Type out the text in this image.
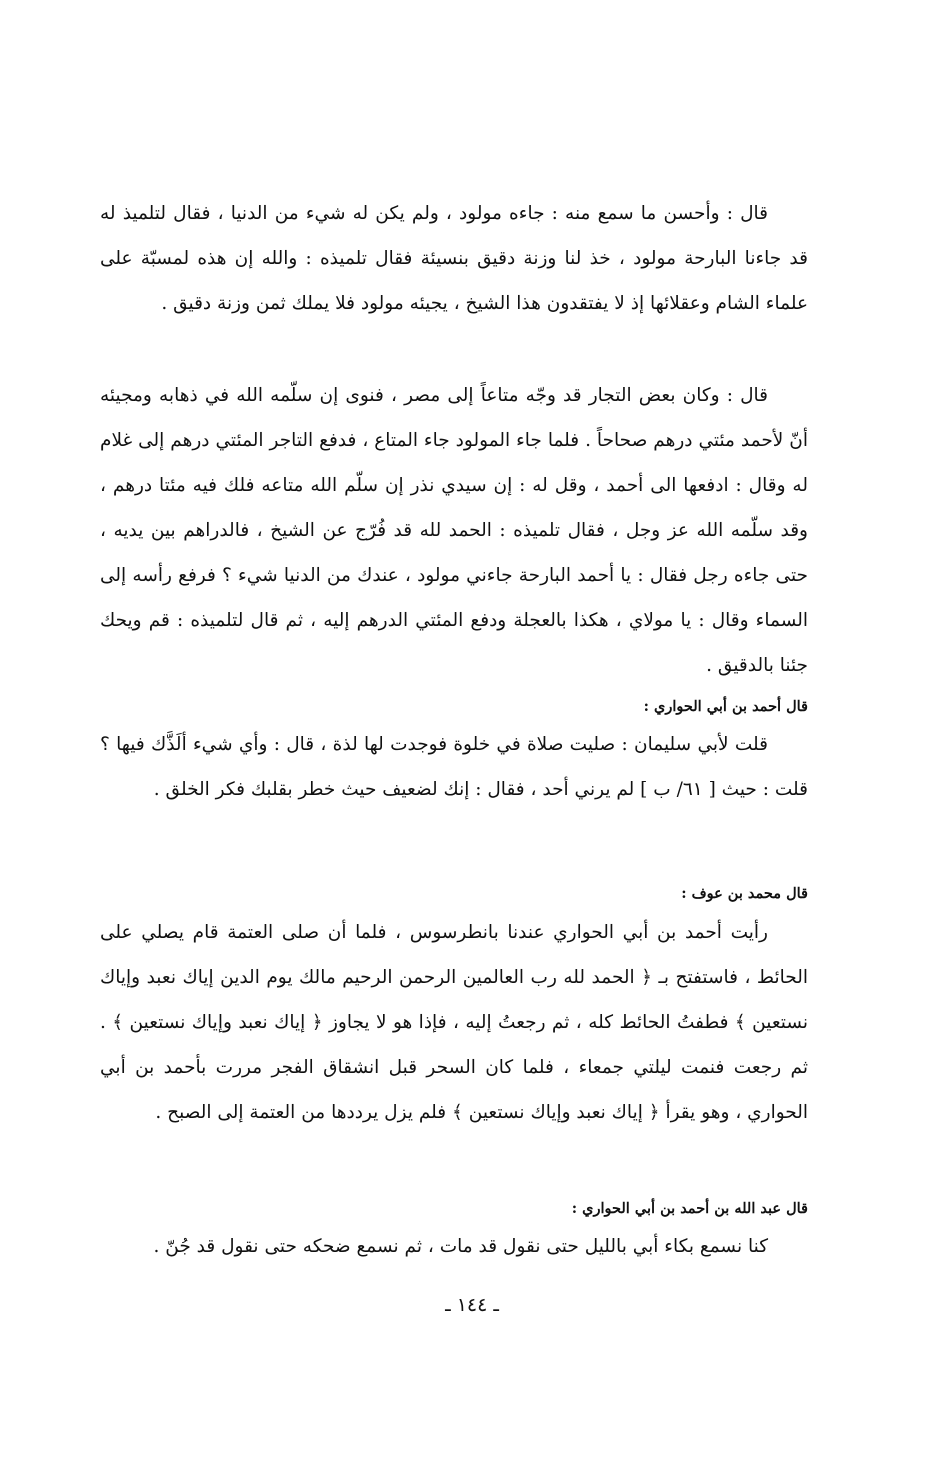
قال : وأحسن ما سمع منه : جاءه مولود ، ولم يكن له شيء من الدنيا ، فقال لتلميذ له قد جاءنا البارحة مولود ، خذ لنا وزنة دقيق بنسيئة فقال تلميذه : والله إن هذه لمسبّة على علماء الشام وعقلائها إذ لا يفتقدون هذا الشيخ ، يجيئه مولود فلا يملك ثمن وزنة دقيق .

قال : وكان بعض التجار قد وجّه متاعاً إلى مصر ، فنوى إن سلّمه الله في ذهابه ومجيئه أنّ لأحمد مئتي درهم صحاحاً . فلما جاء المولود جاء المتاع ، فدفع التاجر المئتي درهم إلى غلام له وقال : ادفعها الى أحمد ، وقل له : إن سيدي نذر إن سلّم الله متاعه فلك فيه مئتا درهم ، وقد سلّمه الله عز وجل ، فقال تلميذه : الحمد لله قد فُرّج عن الشيخ ، فالدراهم بين يديه ، حتى جاءه رجل فقال : يا أحمد البارحة جاءني مولود ، عندك من الدنيا شيء ؟ فرفع رأسه إلى السماء وقال : يا مولاي ، هكذا بالعجلة ودفع المئتي الدرهم إليه ، ثم قال لتلميذه : قم ويحك جئنا بالدقيق .

قال أحمد بن أبي الحواري :

قلت لأبي سليمان : صليت صلاة في خلوة فوجدت لها لذة ، قال : وأي شيء ألَذَّك فيها ؟ قلت : حيث [ ٦١/ ب ] لم يرني أحد ، فقال : إنك لضعيف حيث خطر بقلبك فكر الخلق .

قال محمد بن عوف :

رأيت أحمد بن أبي الحواري عندنا بانطرسوس ، فلما أن صلى العتمة قام يصلي على الحائط ، فاستفتح بـ ﴿ الحمد لله رب العالمين الرحمن الرحيم مالك يوم الدين إياك نعبد وإياك نستعين ﴾ فطفتُ الحائط كله ، ثم رجعتُ إليه ، فإذا هو لا يجاوز ﴿ إياك نعبد وإياك نستعين ﴾ . ثم رجعت فنمت ليلتي جمعاء ، فلما كان السحر قبل انشقاق الفجر مررت بأحمد بن أبي الحواري ، وهو يقرأ ﴿ إياك نعبد وإياك نستعين ﴾ فلم يزل يرددها من العتمة إلى الصبح .

قال عبد الله بن أحمد بن أبي الحواري :

كنا نسمع بكاء أبي بالليل حتى نقول قد مات ، ثم نسمع ضحكه حتى نقول قد جُنّ .

ـ ١٤٤ ـ
